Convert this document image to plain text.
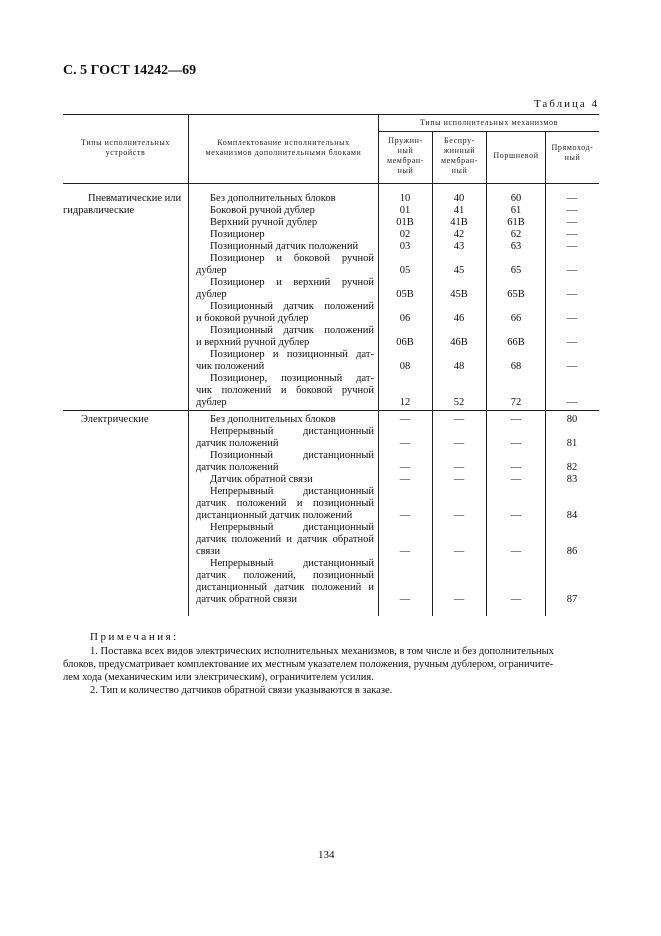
С. 5 ГОСТ 14242—69
Таблица 4
Типы исполнительных
устройств
Комплектование исполнительных
механизмов дополнительными блоками
Типы исполнительных механизмов
Пружин-
ный
мембран-
ный
Беспру-
жинный
мембран-
ный
Поршневой
Прямоход-
ный
Пневматические или
гидравлические
Без дополнительных блоков	10	40	60	—
Боковой ручной дублер	01	41	61	—
Верхний ручной дублер	01В	41В	61В	—
Позиционер	02	42	62	—
Позиционный датчик положений	03	43	63	—
Позиционер и боковой ручной
дублер	05	45	65	—
Позиционер и верхний ручной
дублер	05В	45В	65В	—
Позиционный датчик положений
и боковой ручной дублер	06	46	66	—
Позиционный датчик положений
и верхний ручной дублер	06В	46В	66В	—
Позиционер и позиционный дат-
чик положений	08	48	68	—
Позиционер, позиционный дат-
чик положений и боковой ручной
дублер	12	52	72	—
Электрические	Без дополнительных блоков	—	—	—	80
Непрерывный дистанционный
датчик положений	—	—	—	81
Позиционный дистанционный
датчик положений	—	—	—	82
Датчик обратной связи	—	—	—	83
Непрерывный дистанционный
датчик положений и позиционный
дистанционный датчик положений	—	—	—	84
Непрерывный дистанционный
датчик положений и датчик обратной
связи	—	—	—	86
Непрерывный дистанционный
датчик положений, позиционный
дистанционный датчик положений и
датчик обратной связи	—	—	—	87
Примечания:
1. Поставка всех видов электрических исполнительных механизмов, в том числе и без дополнительных
блоков, предусматривает комплектование их местным указателем положения, ручным дублером, ограничите-
лем хода (механическим или электрическим), ограничителем усилия.
2. Тип и количество датчиков обратной связи указываются в заказе.
134
